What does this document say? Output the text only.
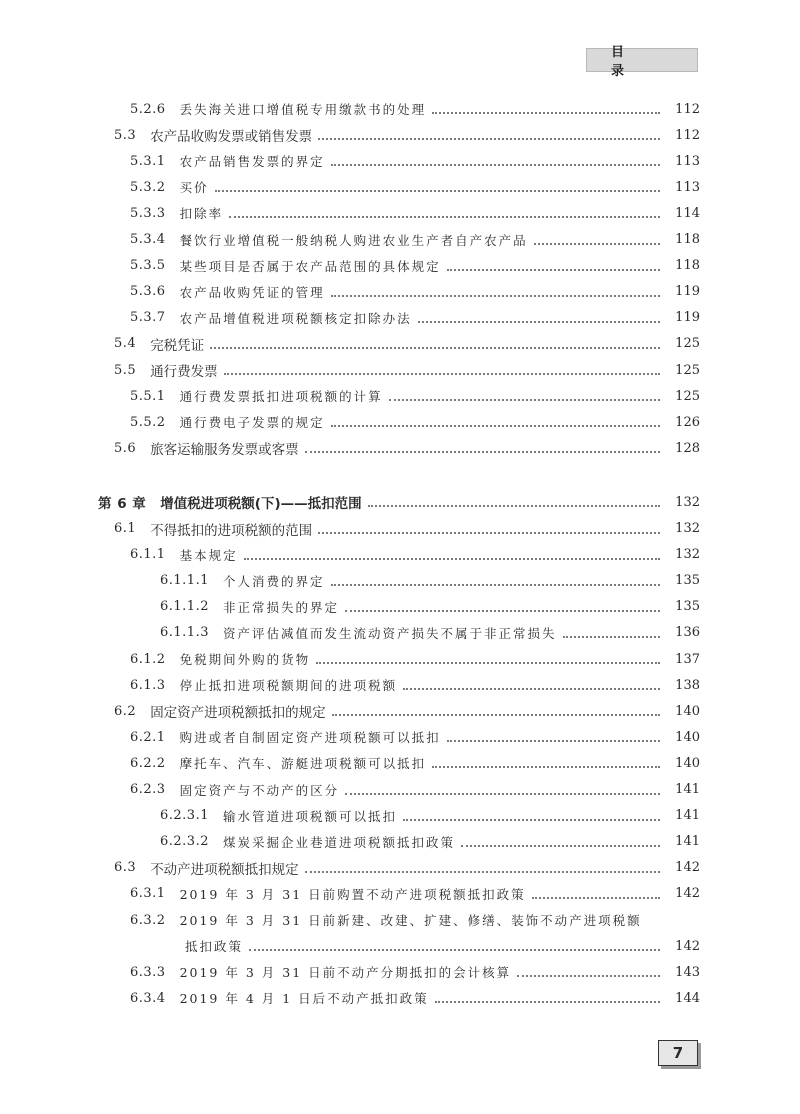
目 录
5.2.6 丢失海关进口增值税专用缴款书的处理	112
5.3 农产品收购发票或销售发票	112
5.3.1 农产品销售发票的界定	113
5.3.2 买价	113
5.3.3 扣除率	114
5.3.4 餐饮行业增值税一般纳税人购进农业生产者自产农产品	118
5.3.5 某些项目是否属于农产品范围的具体规定	118
5.3.6 农产品收购凭证的管理	119
5.3.7 农产品增值税进项税额核定扣除办法	119
5.4 完税凭证	125
5.5 通行费发票	125
5.5.1 通行费发票抵扣进项税额的计算	125
5.5.2 通行费电子发票的规定	126
5.6 旅客运输服务发票或客票	128
第 6 章 增值税进项税额(下)——抵扣范围	132
6.1 不得抵扣的进项税额的范围	132
6.1.1 基本规定	132
6.1.1.1 个人消费的界定	135
6.1.1.2 非正常损失的界定	135
6.1.1.3 资产评估减值而发生流动资产损失不属于非正常损失	136
6.1.2 免税期间外购的货物	137
6.1.3 停止抵扣进项税额期间的进项税额	138
6.2 固定资产进项税额抵扣的规定	140
6.2.1 购进或者自制固定资产进项税额可以抵扣	140
6.2.2 摩托车、汽车、游艇进项税额可以抵扣	140
6.2.3 固定资产与不动产的区分	141
6.2.3.1 输水管道进项税额可以抵扣	141
6.2.3.2 煤炭采掘企业巷道进项税额抵扣政策	141
6.3 不动产进项税额抵扣规定	142
6.3.1 2019 年 3 月 31 日前购置不动产进项税额抵扣政策	142
6.3.2 2019 年 3 月 31 日前新建、改建、扩建、修缮、装饰不动产进项税额
抵扣政策	142
6.3.3 2019 年 3 月 31 日前不动产分期抵扣的会计核算	143
6.3.4 2019 年 4 月 1 日后不动产抵扣政策	144
7
